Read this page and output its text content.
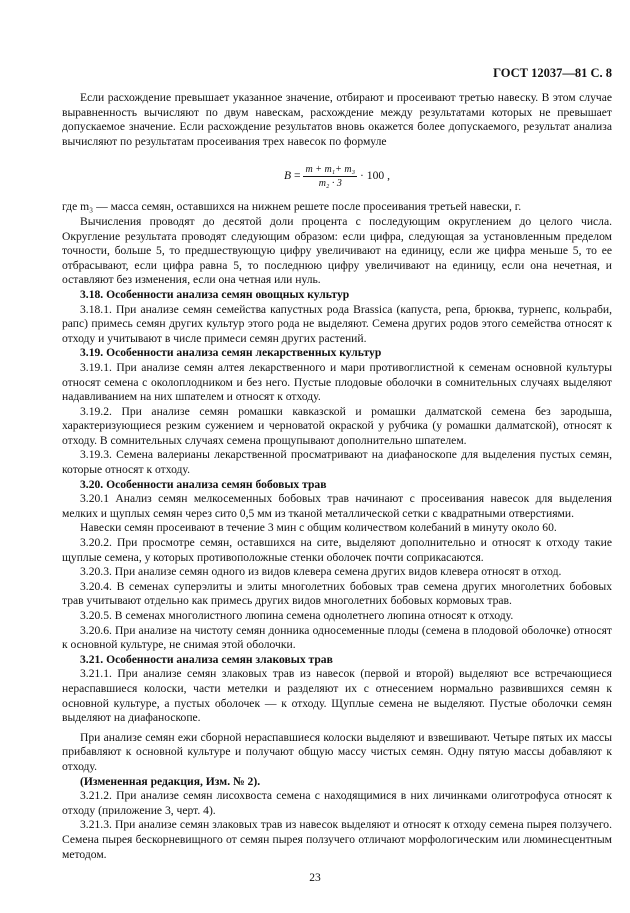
ГОСТ 12037—81 С. 8

Если расхождение превышает указанное значение, отбирают и просеивают третью навеску. В этом случае выравненность вычисляют по двум навескам, расхождение между результатами которых не превышает допускаемое значение. Если расхождение результатов вновь окажется более допускаемого, результат анализа вычисляют по результатам просеивания трех навесок по формуле

$B = \frac{\text{m + m₁+ m₃}}{\text{m₂ · 3}} \cdot 100$ ,

где m₃ — масса семян, оставшихся на нижнем решете после просеивания третьей навески, г.

Вычисления проводят до десятой доли процента с последующим округлением до целого числа. Округление результата проводят следующим образом: если цифра, следующая за установленным пределом точности, больше 5, то предшествующую цифру увеличивают на единицу, если же цифра меньше 5, то ее отбрасывают, если цифра равна 5, то последнюю цифру увеличивают на единицу, если она нечетная, и оставляют без изменения, если она четная или нуль.

3.18. Особенности анализа семян овощных культур

3.18.1. При анализе семян семейства капустных рода Brassica (капуста, репа, брюква, турнепс, кольраби, рапс) примесь семян других культур этого рода не выделяют. Семена других родов этого семейства относят к отходу и учитывают в числе примеси семян других растений.

3.19. Особенности анализа семян лекарственных культур

3.19.1. При анализе семян алтея лекарственного и мари противоглистной к семенам основной культуры относят семена с околоплодником и без него. Пустые плодовые оболочки в сомнительных случаях выделяют надавливанием на них шпателем и относят к отходу.

3.19.2. При анализе семян ромашки кавказской и ромашки далматской семена без зародыша, характеризующиеся резким сужением и черноватой окраской у рубчика (у ромашки далматской), относят к отходу. В сомнительных случаях семена прощупывают дополнительно шпателем.

3.19.3. Семена валерианы лекарственной просматривают на диафаноскопе для выделения пустых семян, которые относят к отходу.

3.20. Особенности анализа семян бобовых трав

3.20.1 Анализ семян мелкосеменных бобовых трав начинают с просеивания навесок для выделения мелких и щуплых семян через сито 0,5 мм из тканой металлической сетки с квадратными отверстиями.

Навески семян просеивают в течение 3 мин с общим количеством колебаний в минуту около 60.

3.20.2. При просмотре семян, оставшихся на сите, выделяют дополнительно и относят к отходу такие щуплые семена, у которых противоположные стенки оболочек почти соприкасаются.

3.20.3. При анализе семян одного из видов клевера семена других видов клевера относят в отход.

3.20.4. В семенах суперэлиты и элиты многолетних бобовых трав семена других многолетних бобовых трав учитывают отдельно как примесь других видов многолетних бобовых кормовых трав.

3.20.5. В семенах многолистного люпина семена однолетнего люпина относят к отходу.

3.20.6. При анализе на чистоту семян донника односеменные плоды (семена в плодовой оболочке) относят к основной культуре, не снимая этой оболочки.

3.21. Особенности анализа семян злаковых трав

3.21.1. При анализе семян злаковых трав из навесок (первой и второй) выделяют все встречающиеся нераспавшиеся колоски, части метелки и разделяют их с отнесением нормально развившихся семян к основной культуре, а пустых оболочек — к отходу. Щуплые семена не выделяют. Пустые оболочки семян выделяют на диафаноскопе.

При анализе семян ежи сборной нераспавшиеся колоски выделяют и взвешивают. Четыре пятых их массы прибавляют к основной культуре и получают общую массу чистых семян. Одну пятую массы добавляют к отходу.

(Измененная редакция, Изм. № 2).

3.21.2. При анализе семян лисохвоста семена с находящимися в них личинками олиготрофуса относят к отходу (приложение 3, черт. 4).

3.21.3. При анализе семян злаковых трав из навесок выделяют и относят к отходу семена пырея ползучего. Семена пырея бескорневищного от семян пырея ползучего отличают морфологическим или люминесцентным методом.

23
